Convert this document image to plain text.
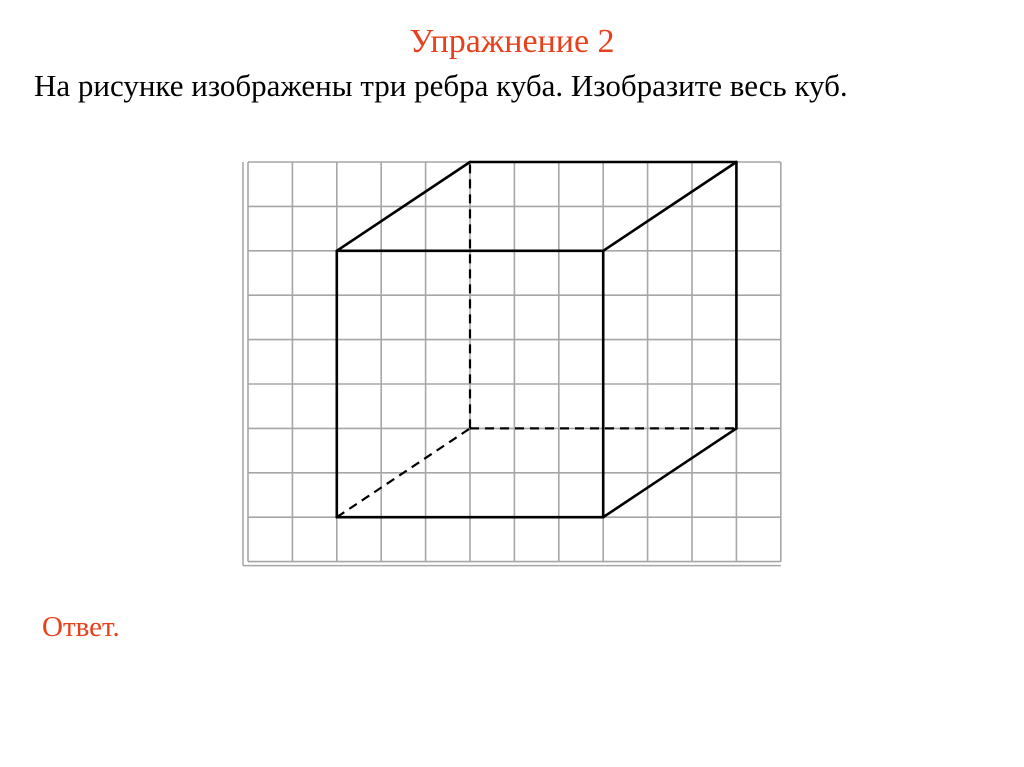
Упражнение 2
На рисунке изображены три ребра куба. Изобразите весь куб.
Ответ.
